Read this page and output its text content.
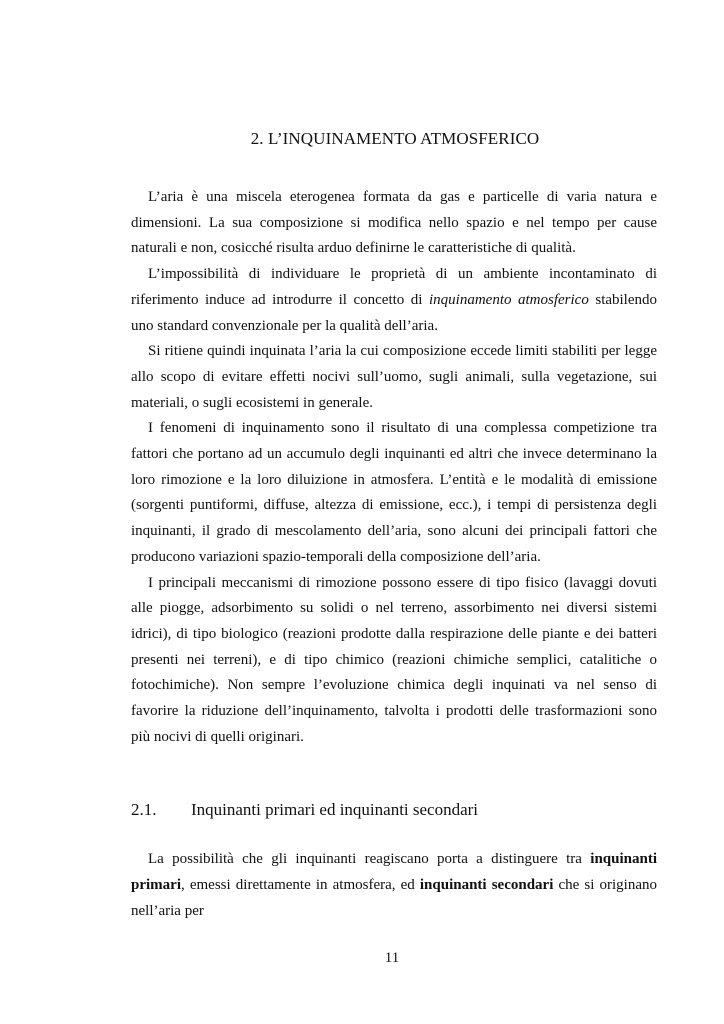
2. L’INQUINAMENTO ATMOSFERICO

L’aria è una miscela eterogenea formata da gas e particelle di varia natura e dimensioni. La sua composizione si modifica nello spazio e nel tempo per cause naturali e non, cosicché risulta arduo definirne le caratteristiche di qualità.

L’impossibilità di individuare le proprietà di un ambiente incontaminato di riferimento induce ad introdurre il concetto di inquinamento atmosferico stabilendo uno standard convenzionale per la qualità dell’aria.

Si ritiene quindi inquinata l’aria la cui composizione eccede limiti stabiliti per legge allo scopo di evitare effetti nocivi sull’uomo, sugli animali, sulla vegetazione, sui materiali, o sugli ecosistemi in generale.

I fenomeni di inquinamento sono il risultato di una complessa competizione tra fattori che portano ad un accumulo degli inquinanti ed altri che invece determinano la loro rimozione e la loro diluizione in atmosfera. L’entità e le modalità di emissione (sorgenti puntiformi, diffuse, altezza di emissione, ecc.), i tempi di persistenza degli inquinanti, il grado di mescolamento dell’aria, sono alcuni dei principali fattori che producono variazioni spazio-temporali della composizione dell’aria.

I principali meccanismi di rimozione possono essere di tipo fisico (lavaggi dovuti alle piogge, adsorbimento su solidi o nel terreno, assorbimento nei diversi sistemi idrici), di tipo biologico (reazioni prodotte dalla respirazione delle piante e dei batteri presenti nei terreni), e di tipo chimico (reazioni chimiche semplici, catalitiche o fotochimiche). Non sempre l’evoluzione chimica degli inquinati va nel senso di favorire la riduzione dell’inquinamento, talvolta i prodotti delle trasformazioni sono più nocivi di quelli originari.

2.1. Inquinanti primari ed inquinanti secondari

La possibilità che gli inquinanti reagiscano porta a distinguere tra inquinanti primari, emessi direttamente in atmosfera, ed inquinanti secondari che si originano nell’aria per

11
